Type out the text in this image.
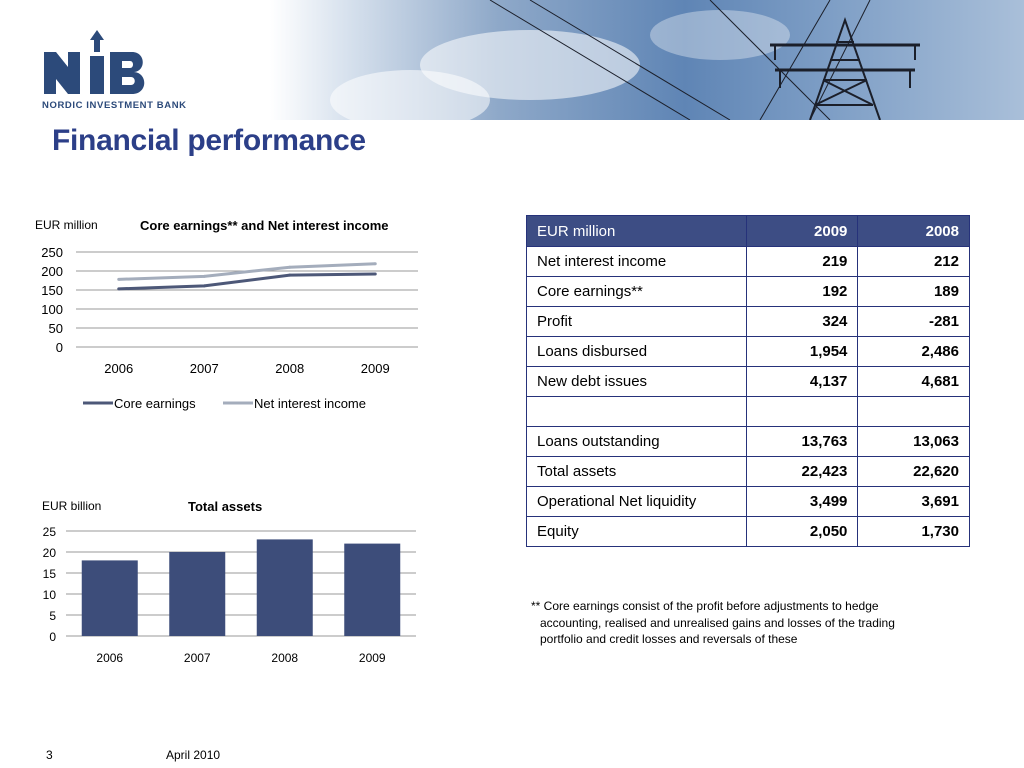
NORDIC INVESTMENT BANK
Financial performance
EUR million	Core earnings** and Net interest income
0
50
100
150
200
250
2006	2007	2008	2009
Core earnings	Net interest income
EUR billion	Total assets
0
5
10
15
20
25
2006	2007	2008	2009
EUR million	2009	2008
Net interest income	219	212
Core earnings**	192	189
Profit	324	-281
Loans disbursed	1,954	2,486
New debt issues	4,137	4,681

Loans outstanding	13,763	13,063
Total assets	22,423	22,620
Operational Net liquidity	3,499	3,691
Equity	2,050	1,730
** Core earnings consist of the profit before adjustments to hedge

accounting, realised and unrealised gains and losses of the trading
portfolio and credit losses and reversals of these
3	April 2010
